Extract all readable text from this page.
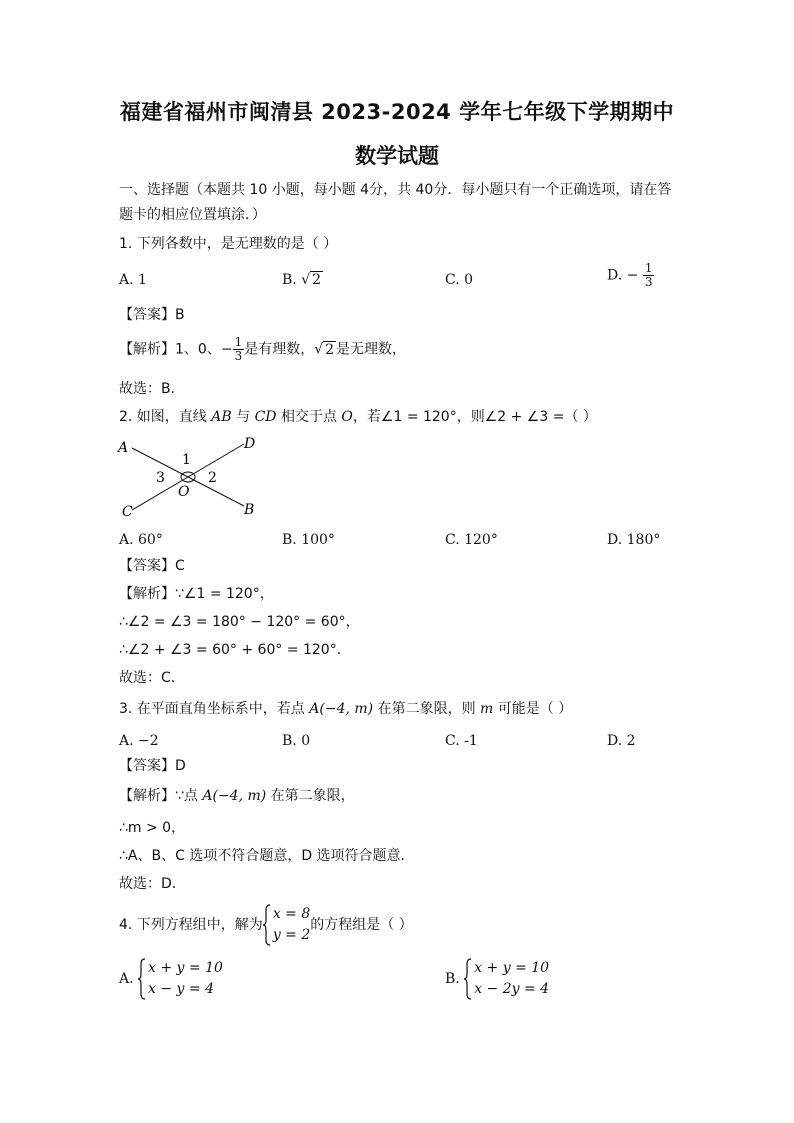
福建省福州市闽清县 2023-2024 学年七年级下学期期中
数学试题
一、选择题（本题共 10 小题，每小题 4分，共 40分．每小题只有一个正确选项，请在答
题卡的相应位置填涂．）
1. 下列各数中，是无理数的是（ ）
A. 1	B. √ 2	C. 0	D. − $\frac{1}{3}$
【答案】B
【解析】1、0、− $\frac{1}{3}$ 是有理数，√ 2 是无理数，
故选：B．
2. 如图，直线 AB 与 CD 相交于点 O，若∠1 = 120°，则∠2 + ∠3 =（ ）
A	D
C	B
O
1
2
3
A. 60°	B. 100°	C. 120°	D. 180°
【答案】C
【解析】∵∠1 = 120°，
∴∠2 = ∠3 = 180° − 120° = 60°，
∴∠2 + ∠3 = 60° + 60° = 120°．
故选：C．
3. 在平面直角坐标系中，若点 A(−4, m) 在第二象限，则 m 可能是（ ）
A. −2	B. 0	C. -1	D. 2
【答案】D
【解析】∵点 A(−4, m) 在第二象限，
∴m > 0，
∴A、B、C 选项不符合题意，D 选项符合题意．
故选：D．
4. 下列方程组中，解为
x = 8
y = 2
的方程组是（ ）
A.
x + y = 10
x − y = 4
B.
x + y = 10
x − 2y = 4
